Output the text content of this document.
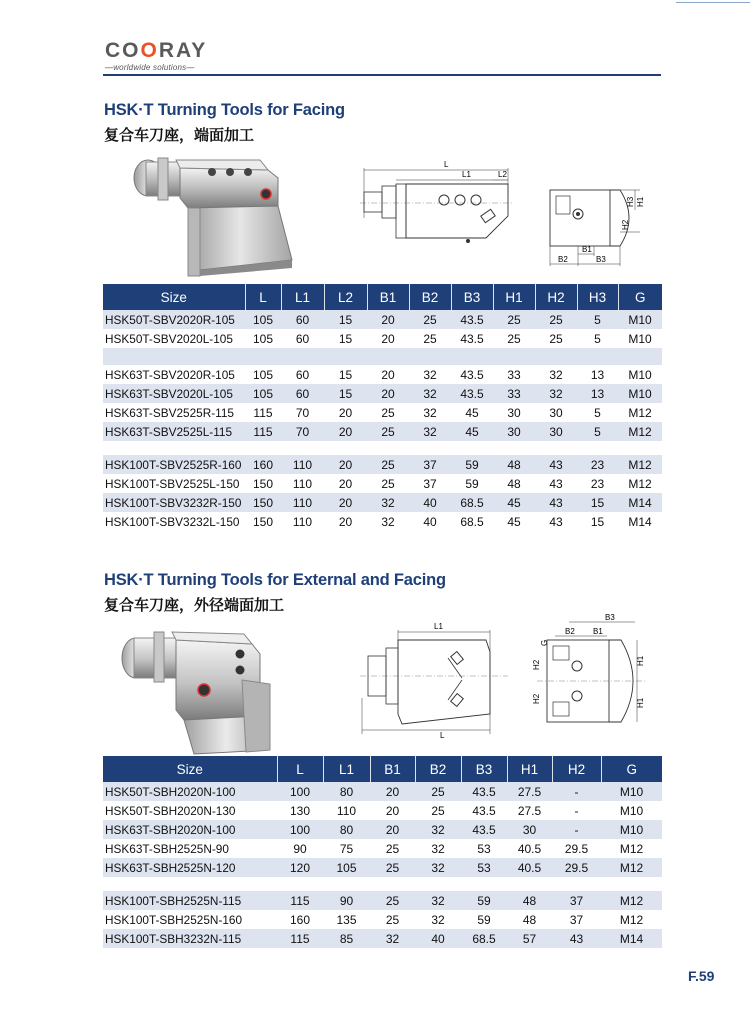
COORAY
—worldwide solutions—
HSK·T Turning Tools for Facing
复合车刀座，端面加工
L
L1	L2
H3 H1
H2
B1
B2	B3
Size	L	L1	L2	B1	B2	B3	H1	H2	H3	G
HSK50T-SBV2020R-105	105	60	15	20	25	43.5	25	25	5	M10
HSK50T-SBV2020L-105	105	60	15	20	25	43.5	25	25	5	M10

HSK63T-SBV2020R-105	105	60	15	20	32	43.5	33	32	13	M10
HSK63T-SBV2020L-105	105	60	15	20	32	43.5	33	32	13	M10
HSK63T-SBV2525R-115	115	70	20	25	32	45	30	30	5	M12
HSK63T-SBV2525L-115	115	70	20	25	32	45	30	30	5	M12

HSK100T-SBV2525R-160	160	110	20	25	37	59	48	43	23	M12
HSK100T-SBV2525L-150	150	110	20	25	37	59	48	43	23	M12
HSK100T-SBV3232R-150	150	110	20	32	40	68.5	45	43	15	M14
HSK100T-SBV3232L-150	150	110	20	32	40	68.5	45	43	15	M14
HSK·T Turning Tools for External and Facing
复合车刀座，外径端面加工
L1
L
B3
B2 B1
G
H2	H1
H2	H1
Size	L	L1	B1	B2	B3	H1	H2	G
HSK50T-SBH2020N-100	100	80	20	25	43.5	27.5	-	M10
HSK50T-SBH2020N-130	130	110	20	25	43.5	27.5	-	M10
HSK63T-SBH2020N-100	100	80	20	32	43.5	30	-	M10
HSK63T-SBH2525N-90	90	75	25	32	53	40.5	29.5	M12
HSK63T-SBH2525N-120	120	105	25	32	53	40.5	29.5	M12

HSK100T-SBH2525N-115	115	90	25	32	59	48	37	M12
HSK100T-SBH2525N-160	160	135	25	32	59	48	37	M12
HSK100T-SBH3232N-115	115	85	32	40	68.5	57	43	M14
F.59
